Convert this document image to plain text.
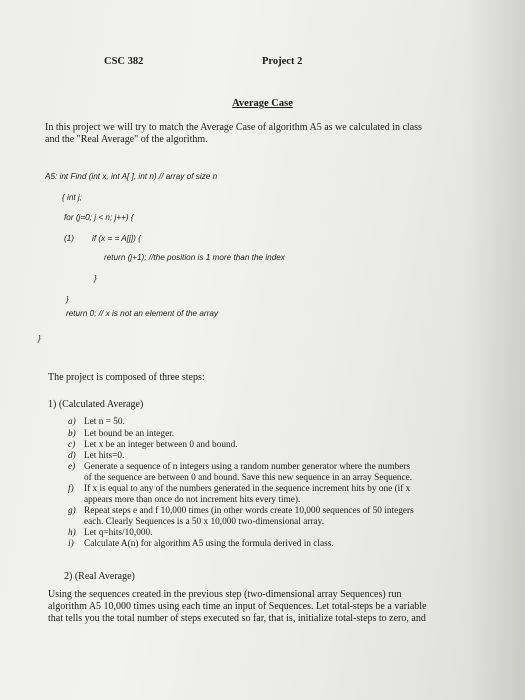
CSC 382	Project 2
Average Case
In this project we will try to match the Average Case of algorithm A5 as we calculated in class
and the "Real Average" of the algorithm.
A5: int Find (int x, int A[ ], int n) // array of size n
{ int j;
for (j=0; j < n; j++) {
(1) if (x = = A[j]) {
return (j+1); //the position is 1 more than the index
}
}
return 0; // x is not an element of the array
}
The project is composed of three steps:
1) (Calculated Average)
a) Let n = 50.
b) Let bound be an integer.
c) Let x be an integer between 0 and bound.
d) Let hits=0.
e) Generate a sequence of n integers using a random number generator where the numbers
of the sequence are between 0 and bound. Save this new sequence in an array Sequence.
f) If x is equal to any of the numbers generated in the sequence increment hits by one (if x
appears more than once do not increment hits every time).
g) Repeat steps e and f 10,000 times (in other words create 10,000 sequences of 50 integers
each. Clearly Sequences is a 50 x 10,000 two-dimensional array.
h) Let q=hits/10,000.
i) Calculate A(n) for algorithm A5 using the formula derived in class.
2) (Real Average)
Using the sequences created in the previous step (two-dimensional array Sequences) run
algorithm A5 10,000 times using each time an input of Sequences. Let total-steps be a variable
that tells you the total number of steps executed so far, that is, initialize total-steps to zero, and
